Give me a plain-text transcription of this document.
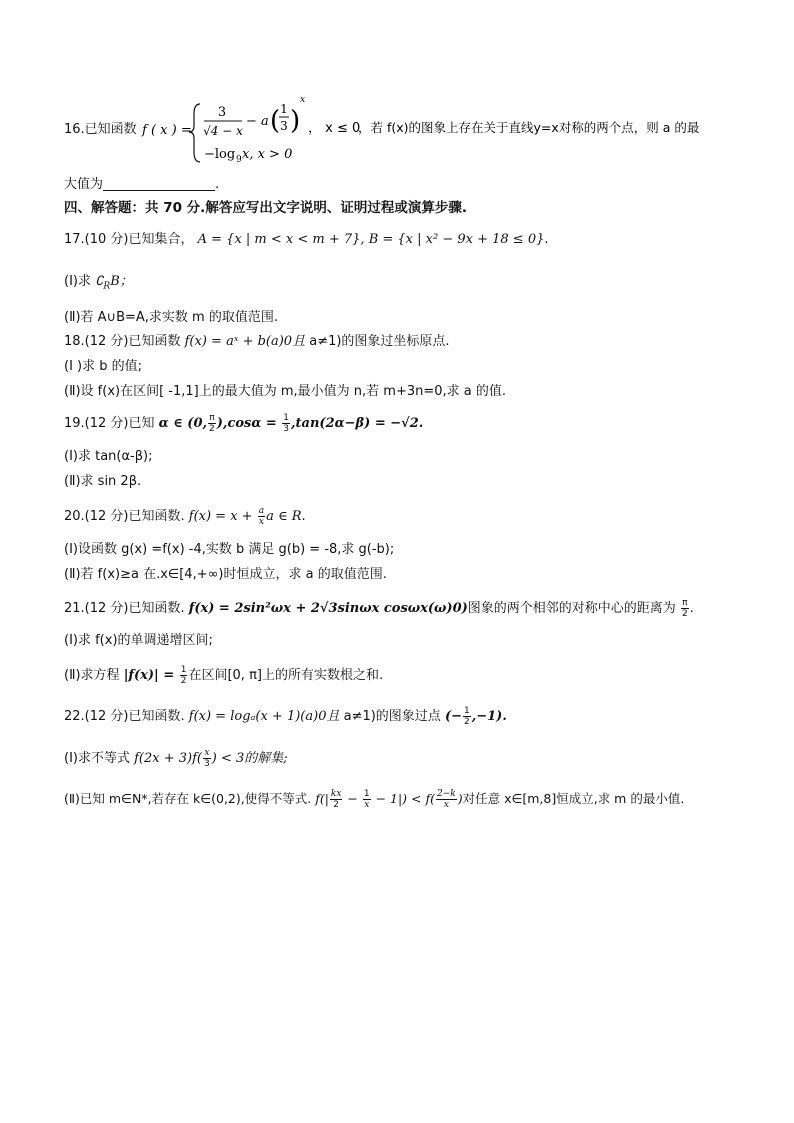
16.已知函数 f ( x ) =
3
√4 − x
− a ( 1
3 )
x
， x ≤ 0
−log 9 x, x > 0
，若 f(x)的图象上存在关于直线y=x对称的两个点，则 a 的最
大值为	.
四、解答题：共 70 分.解答应写出文字说明、证明过程或演算步骤.
17.(10 分)已知集合， A = {x | m < x < m + 7}, B = {x | x² − 9x + 18 ≤ 0}.
(Ⅰ)求 $∁_RB$；
(Ⅱ)若 A∪B=A,求实数 m 的取值范围.
18.(12 分)已知函数 f(x) = aˣ + b(a)0且 a≠1)的图象过坐标原点.
(Ⅰ )求 b 的值;
(Ⅱ)设 f(x)在区间[ -1,1]上的最大值为 m,最小值为 n,若 m+3n=0,求 a 的值.
19.(12 分)已知 α ∈ (0, $\frac{\pi}{2} ),\cos\alpha = \frac{1}{3} ,\tan(2\alpha-\beta) = -√2$.
(Ⅰ)求 tan(α-β);
(Ⅱ)求 sin 2β.
20.(12 分)已知函数. $f(x) = x + \frac{a}{x}$ a ∈ R.
(Ⅰ)设函数 g(x) =f(x) -4,实数 b 满足 g(b) = -8,求 g(-b);
(Ⅱ)若 f(x)≥a 在.x∈[4,+∞)时恒成立，求 a 的取值范围.
21.(12 分)已知函数. f(x) = 2sin²ωx + 2√3sinωx cosωx(ω)0)图象的两个相邻的对称中心的距离为 $\frac{\pi}{2}$ .
(Ⅰ)求 f(x)的单调递增区间;
(Ⅱ)求方程 $|f(x)| = \frac{1}{2}$ 在区间[0, π]上的所有实数根之和.
22.(12 分)已知函数. f(x) = logₐ(x + 1)(a)0且 a≠1)的图象过点 (− $\frac{1}{2} ,-1$).
(Ⅰ)求不等式 $f(2x + 3)f( \frac{x}{3}$ ) < 3的解集;
(Ⅱ)已知 m∈N*,若存在 k∈(0,2),使得不等式. $f(| \frac{kx}{2} - \frac{1}{x} - 1|) < f( \frac{2-k}{x}$ )对任意 x∈[m,8]恒成立,求 m 的最小值.
